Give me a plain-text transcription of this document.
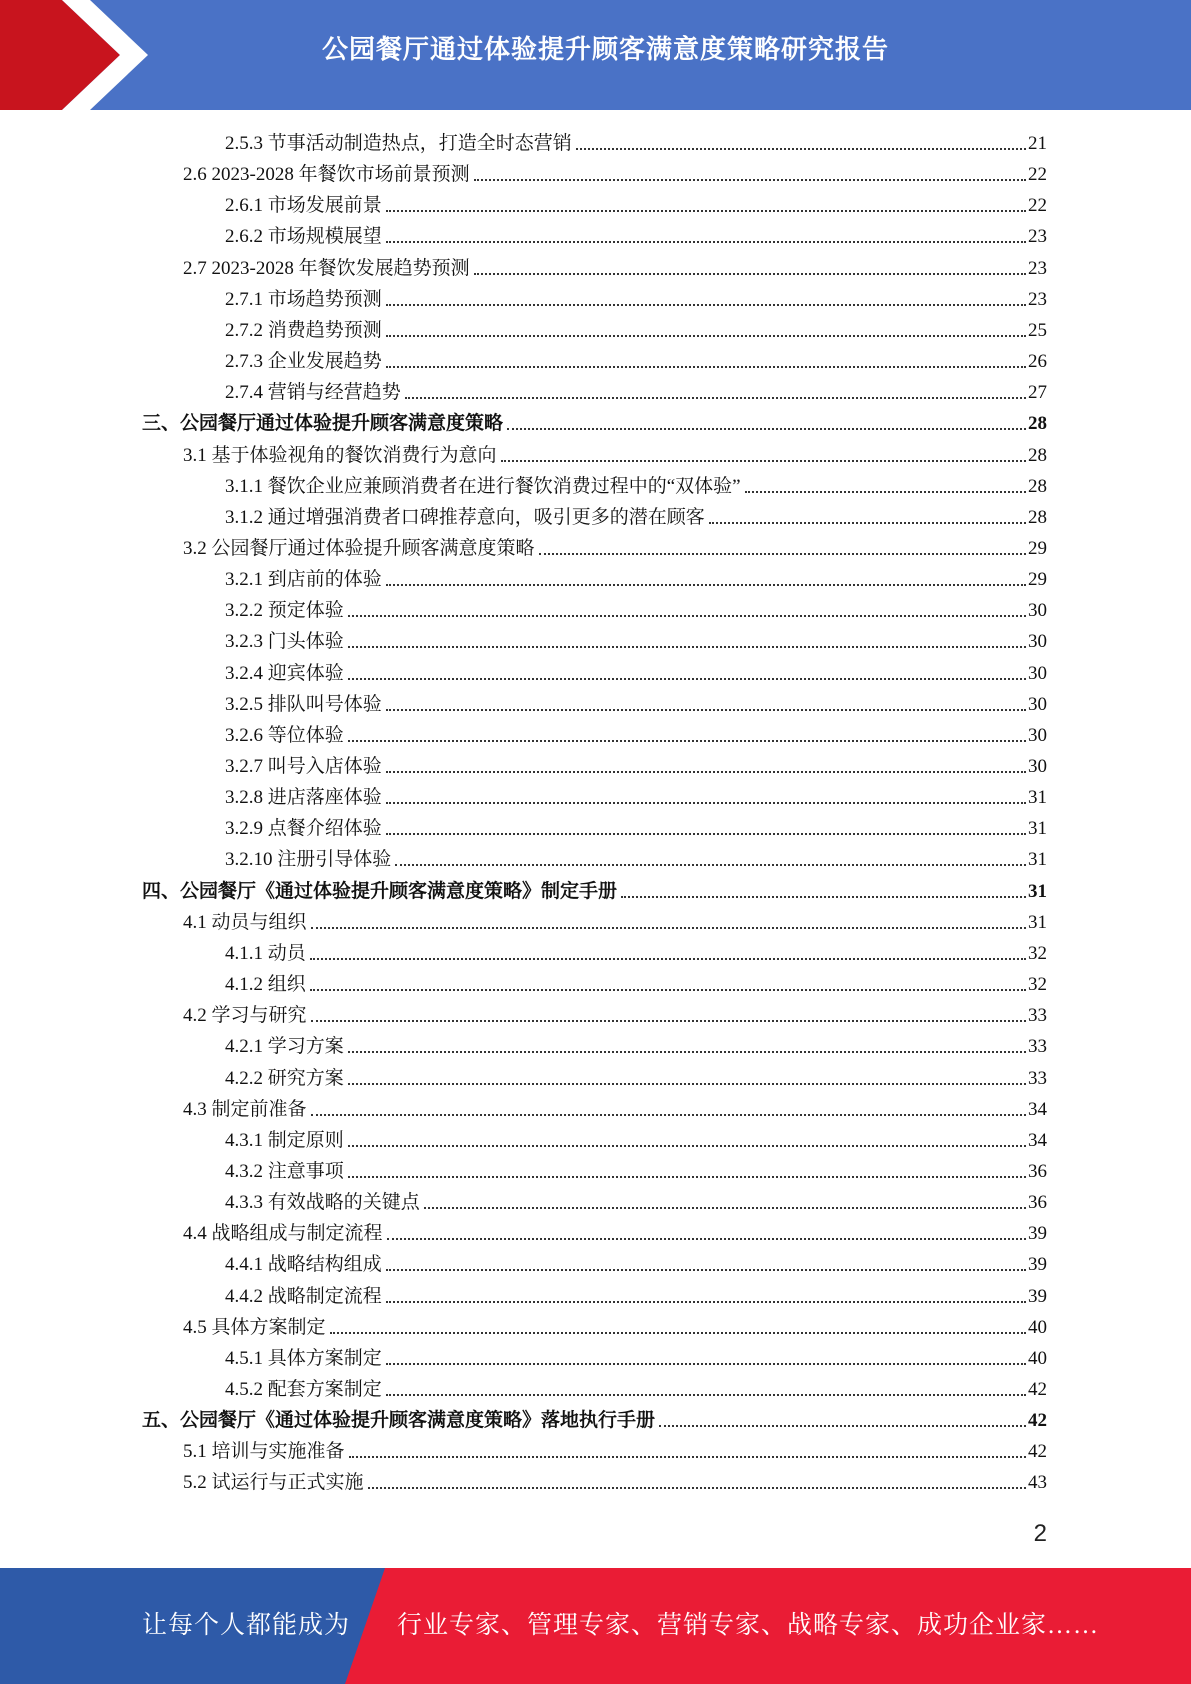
公园餐厅通过体验提升顾客满意度策略研究报告
2.5.3 节事活动制造热点，打造全时态营销	21
2.6 2023-2028 年餐饮市场前景预测	22
2.6.1 市场发展前景	22
2.6.2 市场规模展望	23
2.7 2023-2028 年餐饮发展趋势预测	23
2.7.1 市场趋势预测	23
2.7.2 消费趋势预测	25
2.7.3 企业发展趋势	26
2.7.4 营销与经营趋势	27
三、公园餐厅通过体验提升顾客满意度策略	28
3.1 基于体验视角的餐饮消费行为意向	28
3.1.1 餐饮企业应兼顾消费者在进行餐饮消费过程中的“双体验”	28
3.1.2 通过增强消费者口碑推荐意向，吸引更多的潜在顾客	28
3.2 公园餐厅通过体验提升顾客满意度策略	29
3.2.1 到店前的体验	29
3.2.2 预定体验	30
3.2.3 门头体验	30
3.2.4 迎宾体验	30
3.2.5 排队叫号体验	30
3.2.6 等位体验	30
3.2.7 叫号入店体验	30
3.2.8 进店落座体验	31
3.2.9 点餐介绍体验	31
3.2.10 注册引导体验	31
四、公园餐厅《通过体验提升顾客满意度策略》制定手册	31
4.1 动员与组织	31
4.1.1 动员	32
4.1.2 组织	32
4.2 学习与研究	33
4.2.1 学习方案	33
4.2.2 研究方案	33
4.3 制定前准备	34
4.3.1 制定原则	34
4.3.2 注意事项	36
4.3.3 有效战略的关键点	36
4.4 战略组成与制定流程	39
4.4.1 战略结构组成	39
4.4.2 战略制定流程	39
4.5 具体方案制定	40
4.5.1 具体方案制定	40
4.5.2 配套方案制定	42
五、公园餐厅《通过体验提升顾客满意度策略》落地执行手册	42
5.1 培训与实施准备	42
5.2 试运行与正式实施	43
2
让每个人都能成为 行业专家、管理专家、营销专家、战略专家、成功企业家……
